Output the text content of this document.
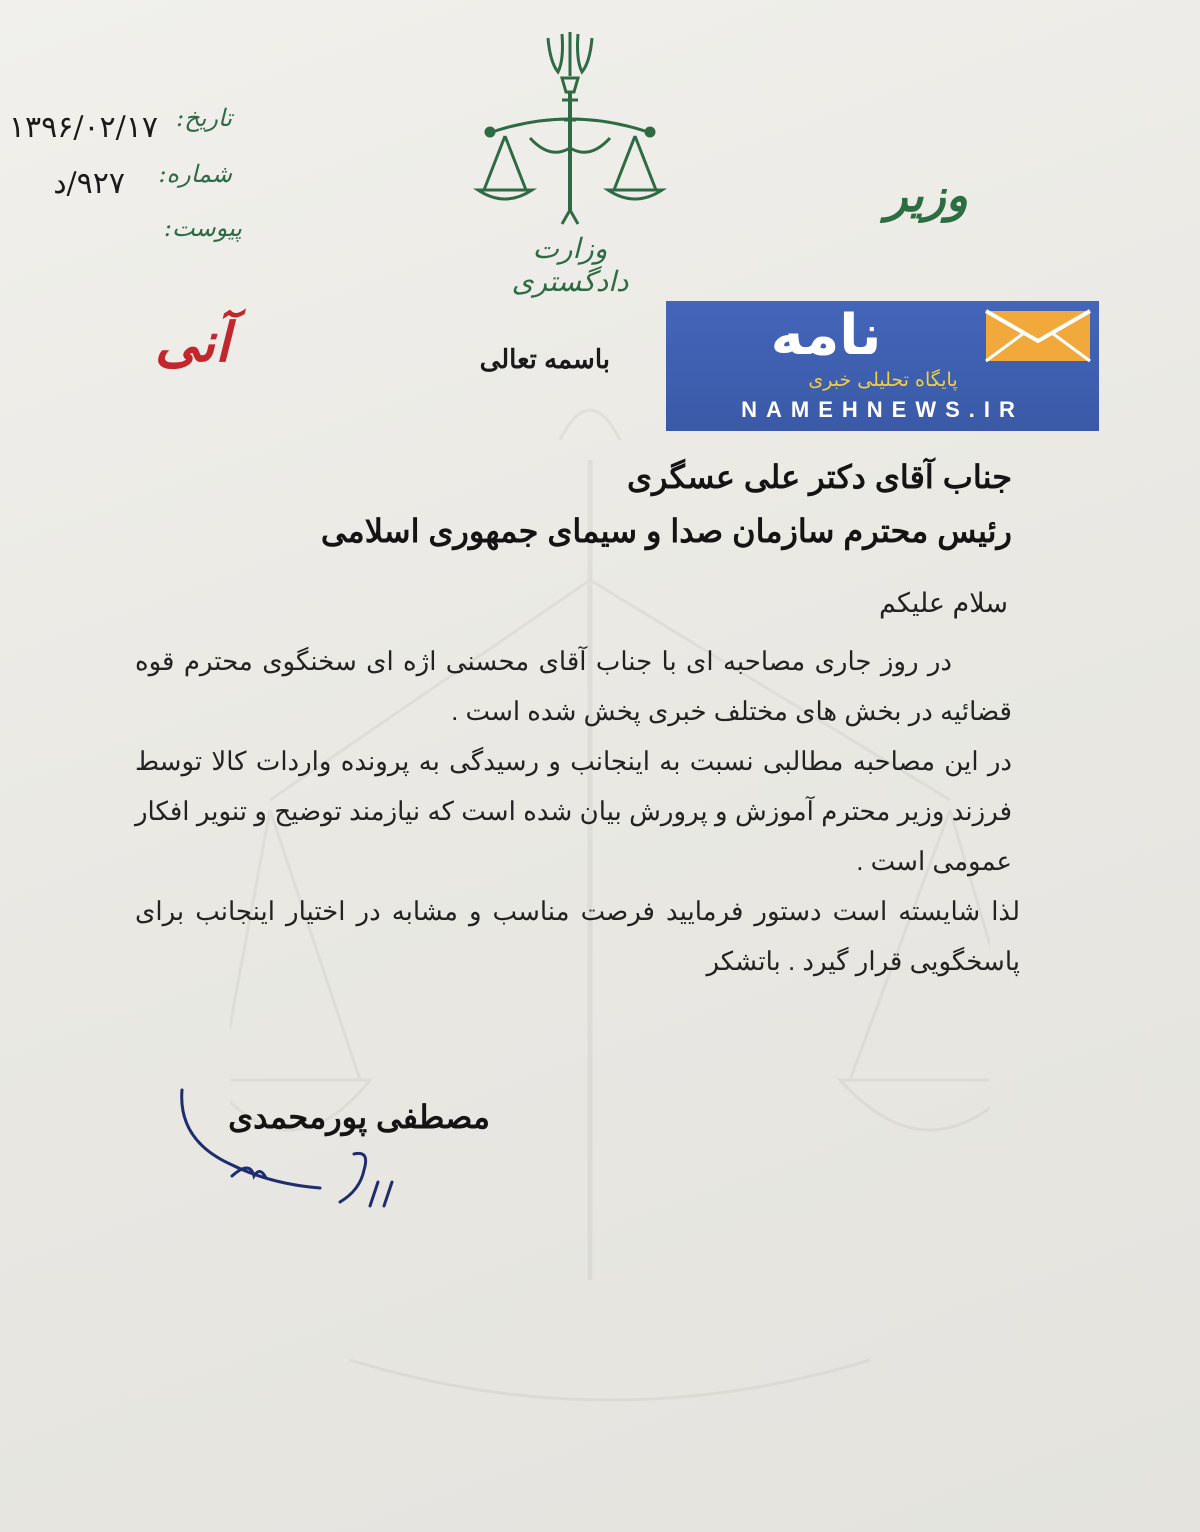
وزارت دادگستری
وزیر
تاریخ:
شماره:
پیوست:
۱۳۹۶/۰۲/۱۷
۹۲۷/د
آنی	باسمه تعالی	نامه
پایگاه تحلیلی خبری
NAMEHNEWS.IR
جناب آقای دکتر علی عسگری
رئیس محترم سازمان صدا و سیمای جمهوری اسلامی
سلام علیکم
در روز جاری مصاحبه ای با جناب آقای محسنی اژه ای سخنگوی محترم قوه قضائیه در بخش های مختلف خبری پخش شده است .
در این مصاحبه مطالبی نسبت به اینجانب و رسیدگی به پرونده واردات کالا توسط فرزند وزیر محترم آموزش و پرورش بیان شده است که نیازمند توضیح و تنویر افکار عمومی است .
لذا شایسته است دستور فرمایید فرصت مناسب و مشابه در اختیار اینجانب برای پاسخگویی قرار گیرد . باتشکر
مصطفی پورمحمدی
